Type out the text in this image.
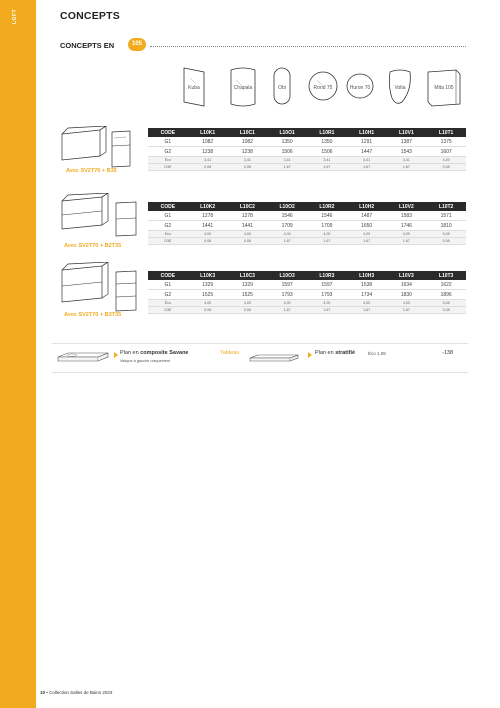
LOFT	CONCEPTS
CONCEPTS EN	105
Kuba	Chapala	Obi	Rond 75	Huron 70	Volta	Mita 105
Avec SV2T70 + B35
CODE	L10K1	L10C1	L10O1	L10R1	L10H1	L10V1	L10T1
G1	1082	1082	1350	1350	1291	1387	1375
G2	1238	1238	1506	1506	1447	1543	1607
Éco	3,41	3,41	3,41	3,41	3,41	3,41	4,49
D3E	0,08	0,08	1,67	1,67	1,67	1,67	0,08
Avec SV2T70 + B2T35
CODE	L10K2	L10C2	L10O2	L10R2	L10H2	L10V2	L10T2
G1	1278	1278	1546	1546	1487	1583	1571
G2	1441	1441	1709	1709	1650	1746	1810
Éco	4,00	4,00	4,00	4,00	4,00	4,00	5,08
D3E	0,08	0,08	1,67	1,67	1,67	1,67	0,08
Avec SV2T70 + B3T35
CODE	L10K3	L10C3	L10O3	L10R3	L10H3	L10V3	L10T3
G1	1329	1329	1597	1597	1538	1634	1622
G2	1525	1525	1793	1793	1734	1830	1896
Éco	4,00	4,00	4,00	4,00	4,00	4,00	5,08
D3E	0,08	0,08	1,67	1,67	1,67	1,67	0,08
Plan en composite Savane
Vasque à gauche uniquement
Tableau	Plan en stratifié	Éco 1,08	-138
10 • Collection Salles de Bains 2023
